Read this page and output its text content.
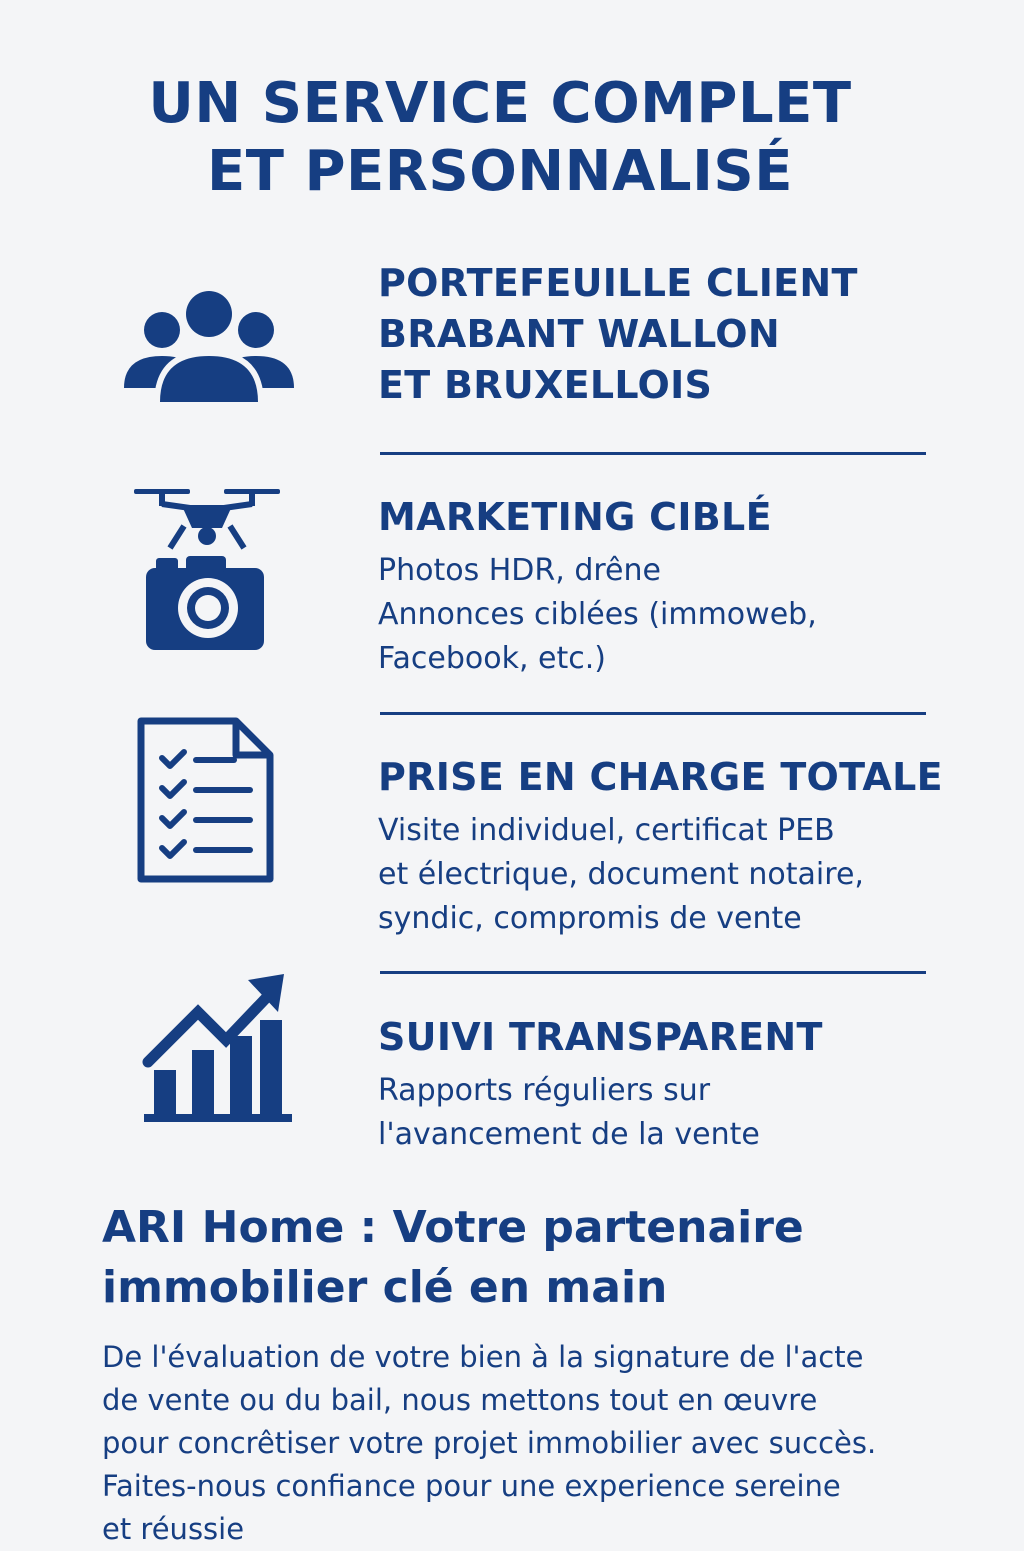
UN SERVICE COMPLET
ET PERSONNALISÉ
PORTEFEUILLE CLIENT
BRABANT WALLON
ET BRUXELLOIS
MARKETING CIBLÉ
Photos HDR, drêne
Annonces ciblées (immoweb,
Facebook, etc.)
PRISE EN CHARGE TOTALE
Visite individuel, certificat PEB
et électrique, document notaire,
syndic, compromis de vente
SUIVI TRANSPARENT
Rapports réguliers sur
l'avancement de la vente
ARI Home : Votre partenaire
immobilier clé en main
De l'évaluation de votre bien à la signature de l'acte
de vente ou du bail, nous mettons tout en œuvre
pour concrêtiser votre projet immobilier avec succès.
Faites-nous confiance pour une experience sereine
et réussie
